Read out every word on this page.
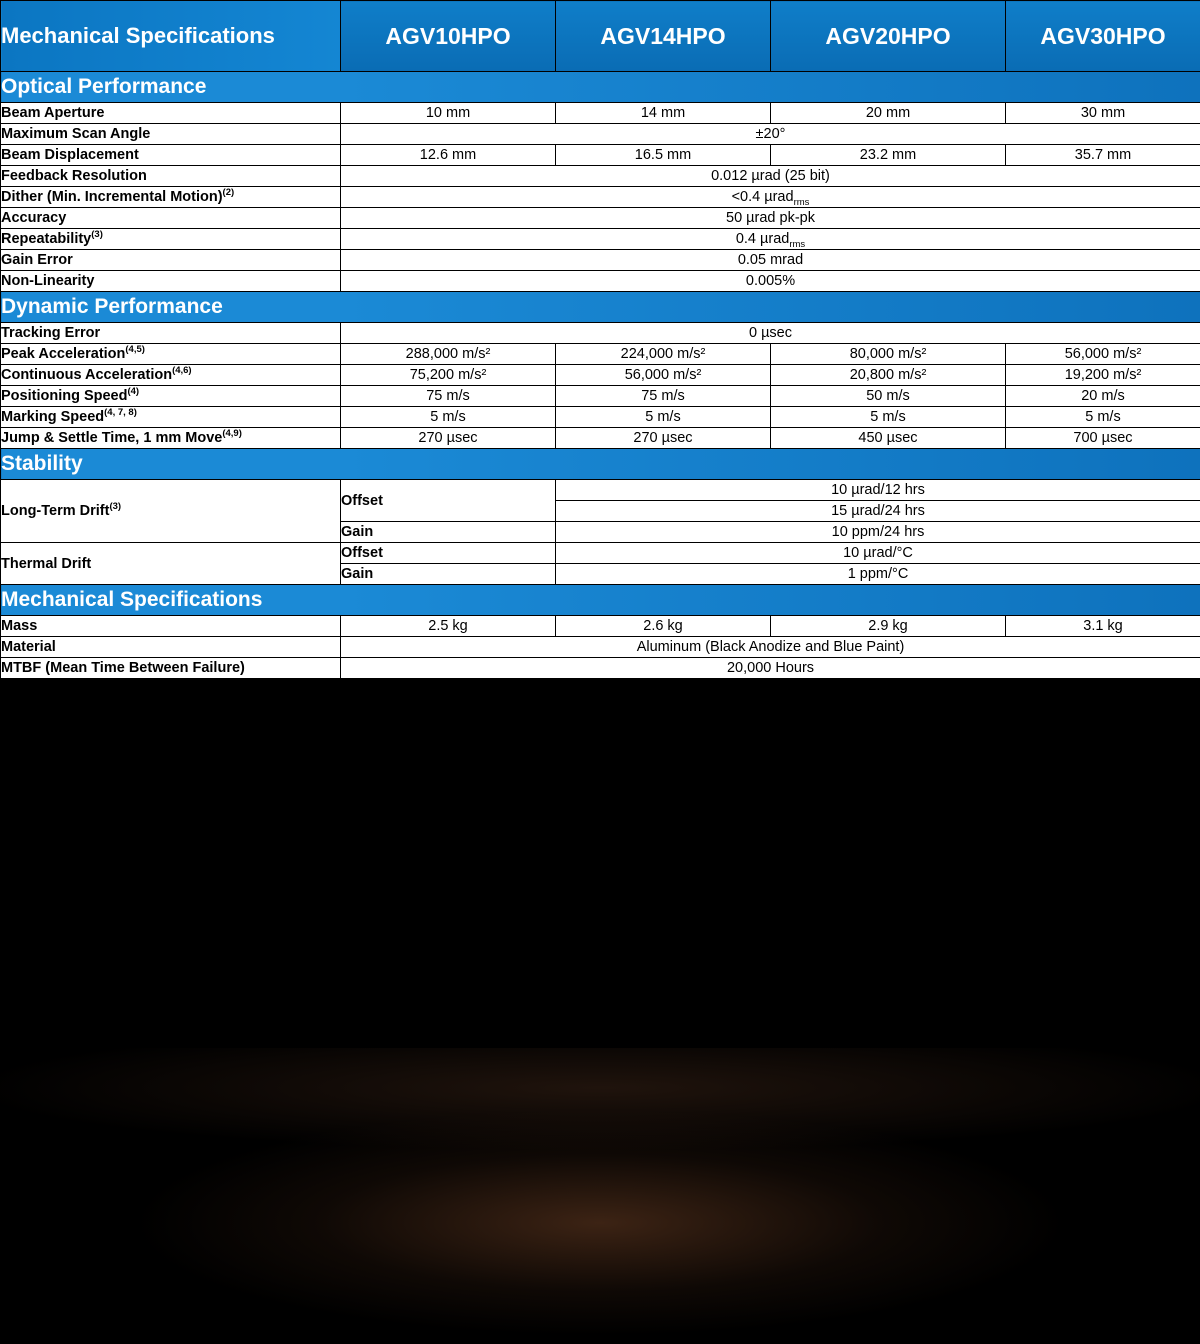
Mechanical Specifications	AGV10HPO	AGV14HPO	AGV20HPO	AGV30HPO
Optical Performance				
Beam Aperture	10 mm	14 mm	20 mm	30 mm
Maximum Scan Angle	±20°			
Beam Displacement	12.6 mm	16.5 mm	23.2 mm	35.7 mm
Feedback Resolution	0.012 µrad (25 bit)			
Dither (Min. Incremental Motion)$^{(2)}$	<0.4 µrad$_{rms}$
Accuracy	50 µrad pk-pk			
Repeatability$^{(3)}$	0.4 µrad$_{rms}$
Gain Error	0.05 mrad			
Non-Linearity	0.005%			
Dynamic Performance				
Tracking Error	0 µsec			
Peak Acceleration$^{(4,5)}$	288,000 m/s²	224,000 m/s²	80,000 m/s²	56,000 m/s²
Continuous Acceleration$^{(4,6)}$	75,200 m/s²	56,000 m/s²	20,800 m/s²	19,200 m/s²
Positioning Speed$^{(4)}$	75 m/s	75 m/s	50 m/s	20 m/s
Marking Speed$^{(4, 7, 8)}$	5 m/s	5 m/s	5 m/s	5 m/s
Jump & Settle Time, 1 mm Move$^{(4,9)}$	270 µsec	270 µsec	450 µsec	700 µsec
Stability				
Long-Term Drift$^{(3)}$	Offset	10 µrad/12 hrs		
		15 µrad/24 hrs		
	Gain	10 ppm/24 hrs		
Thermal Drift	Offset	10 µrad/°C		
	Gain	1 ppm/°C		
Mechanical Specifications				
Mass	2.5 kg	2.6 kg	2.9 kg	3.1 kg
Material	Aluminum (Black Anodize and Blue Paint)			
MTBF (Mean Time Between Failure)	20,000 Hours			
